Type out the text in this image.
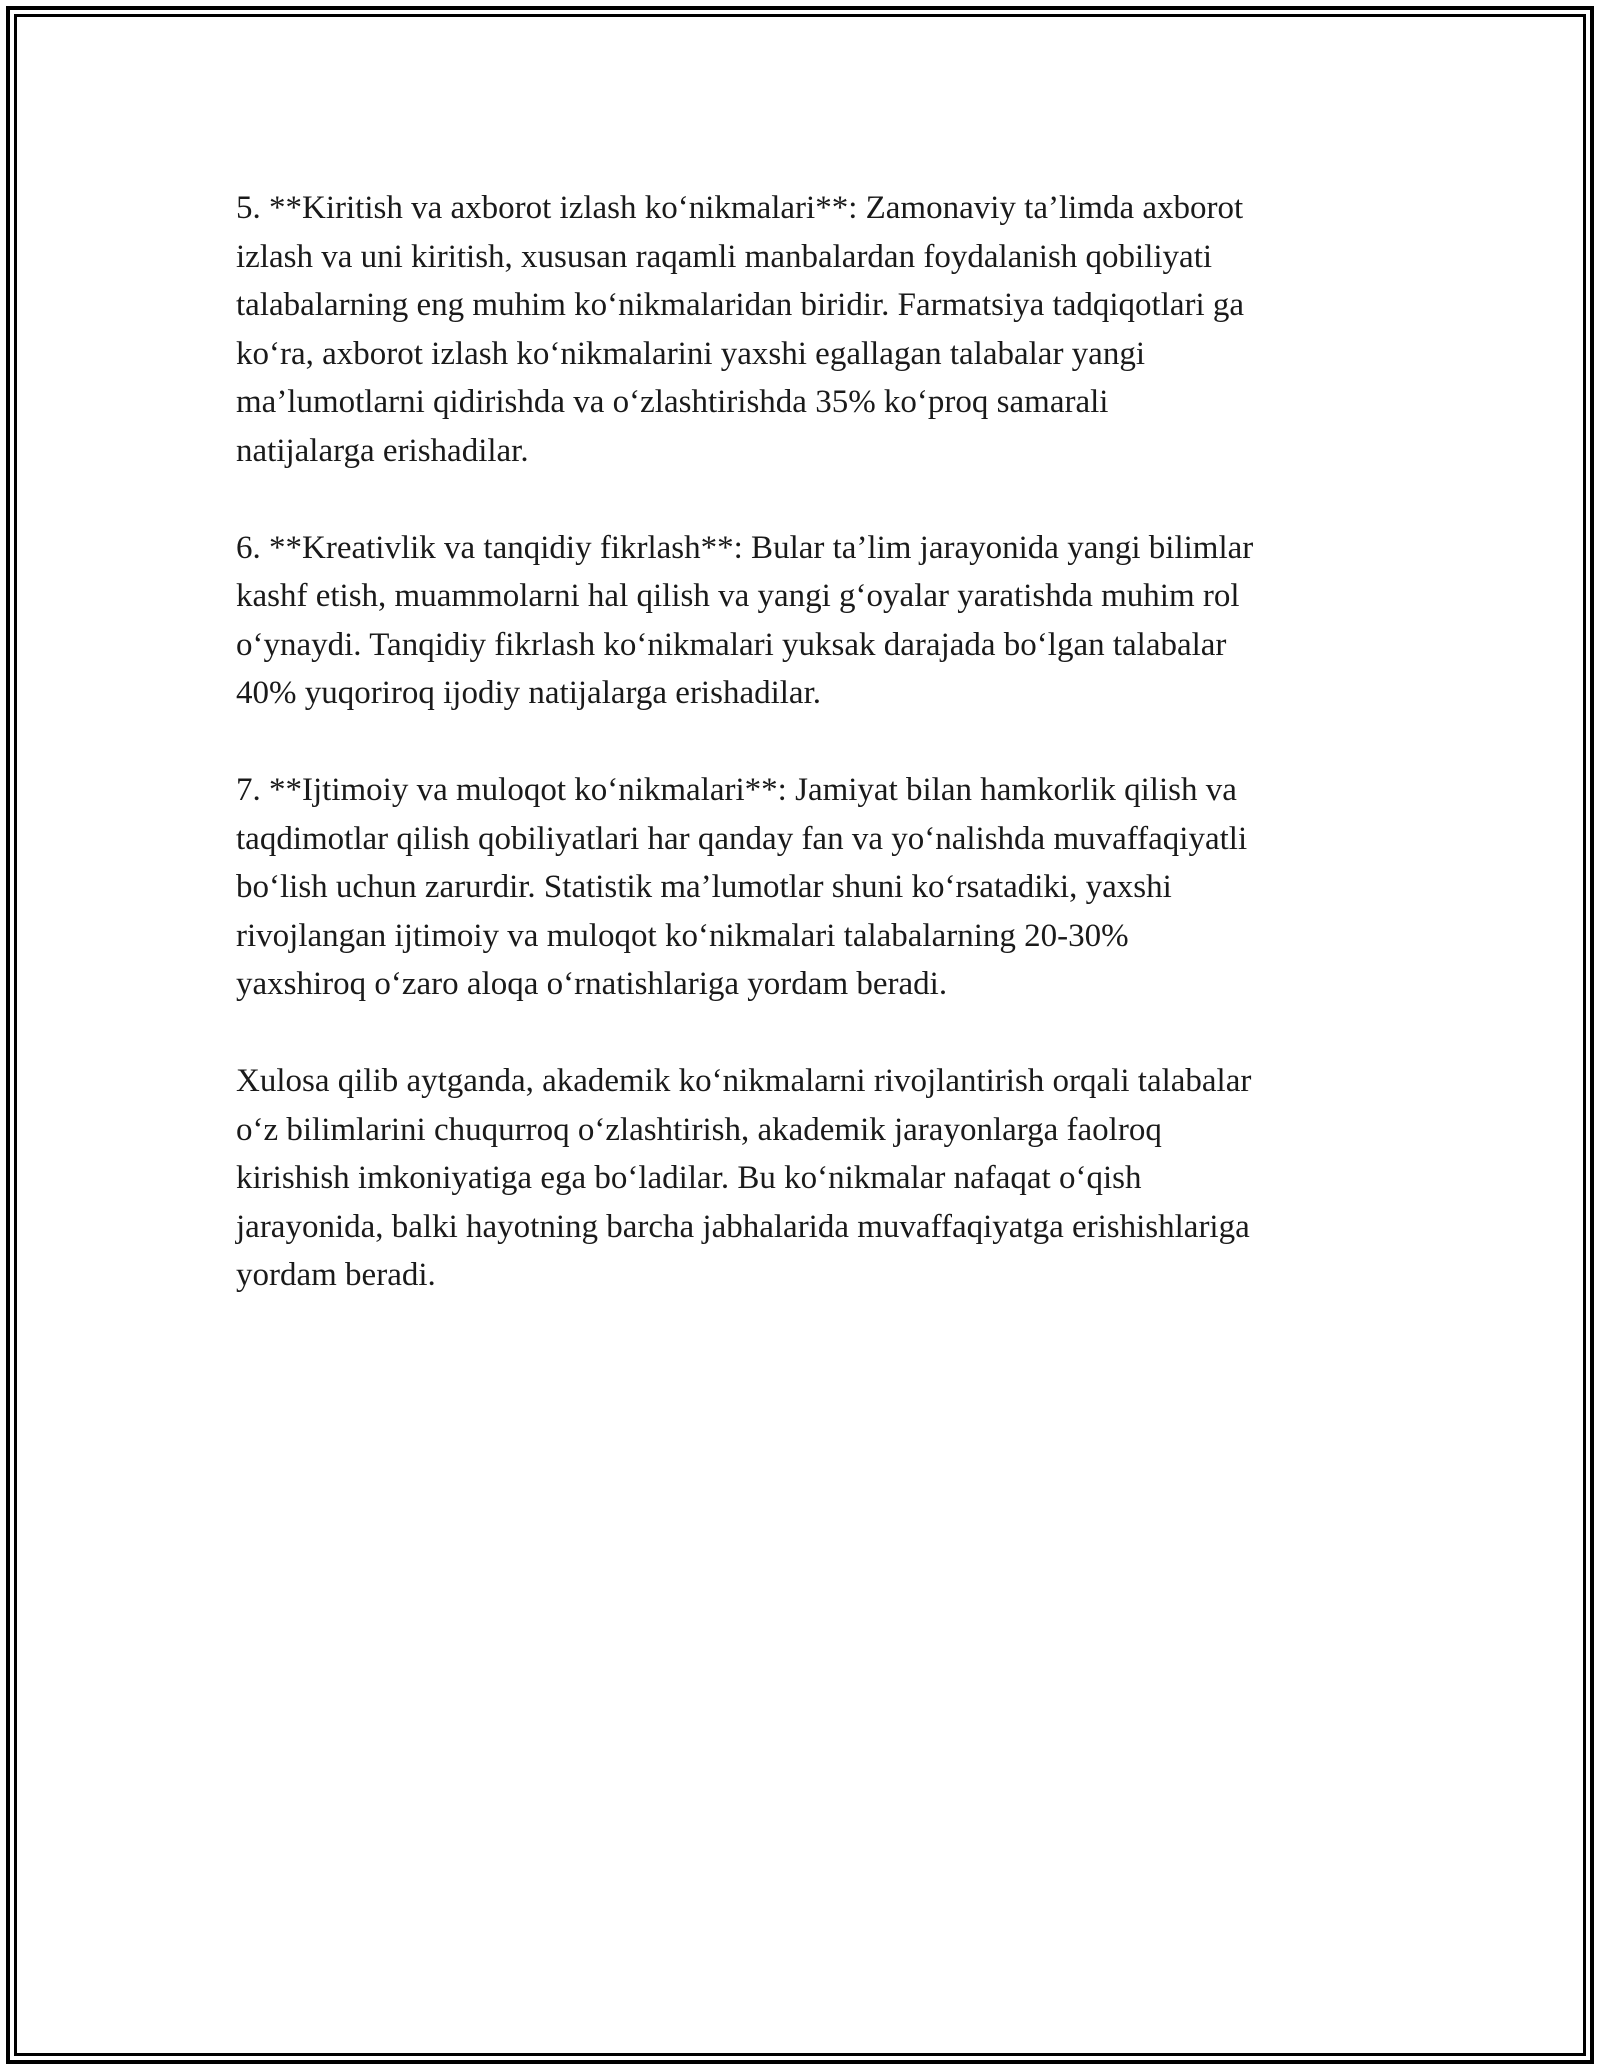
5. **Kiritish va axborot izlash ko‘nikmalari**: Zamonaviy ta’limda axborot
izlash va uni kiritish, xususan raqamli manbalardan foydalanish qobiliyati
talabalarning eng muhim ko‘nikmalaridan biridir. Farmatsiya tadqiqotlari ga
ko‘ra, axborot izlash ko‘nikmalarini yaxshi egallagan talabalar yangi
ma’lumotlarni qidirishda va o‘zlashtirishda 35% ko‘proq samarali
natijalarga erishadilar.

6. **Kreativlik va tanqidiy fikrlash**: Bular ta’lim jarayonida yangi bilimlar
kashf etish, muammolarni hal qilish va yangi g‘oyalar yaratishda muhim rol
o‘ynaydi. Tanqidiy fikrlash ko‘nikmalari yuksak darajada bo‘lgan talabalar
40% yuqoriroq ijodiy natijalarga erishadilar.

7. **Ijtimoiy va muloqot ko‘nikmalari**: Jamiyat bilan hamkorlik qilish va
taqdimotlar qilish qobiliyatlari har qanday fan va yo‘nalishda muvaffaqiyatli
bo‘lish uchun zarurdir. Statistik ma’lumotlar shuni ko‘rsatadiki, yaxshi
rivojlangan ijtimoiy va muloqot ko‘nikmalari talabalarning 20-30%
yaxshiroq o‘zaro aloqa o‘rnatishlariga yordam beradi.

Xulosa qilib aytganda, akademik ko‘nikmalarni rivojlantirish orqali talabalar
o‘z bilimlarini chuqurroq o‘zlashtirish, akademik jarayonlarga faolroq
kirishish imkoniyatiga ega bo‘ladilar. Bu ko‘nikmalar nafaqat o‘qish
jarayonida, balki hayotning barcha jabhalarida muvaffaqiyatga erishishlariga
yordam beradi.
